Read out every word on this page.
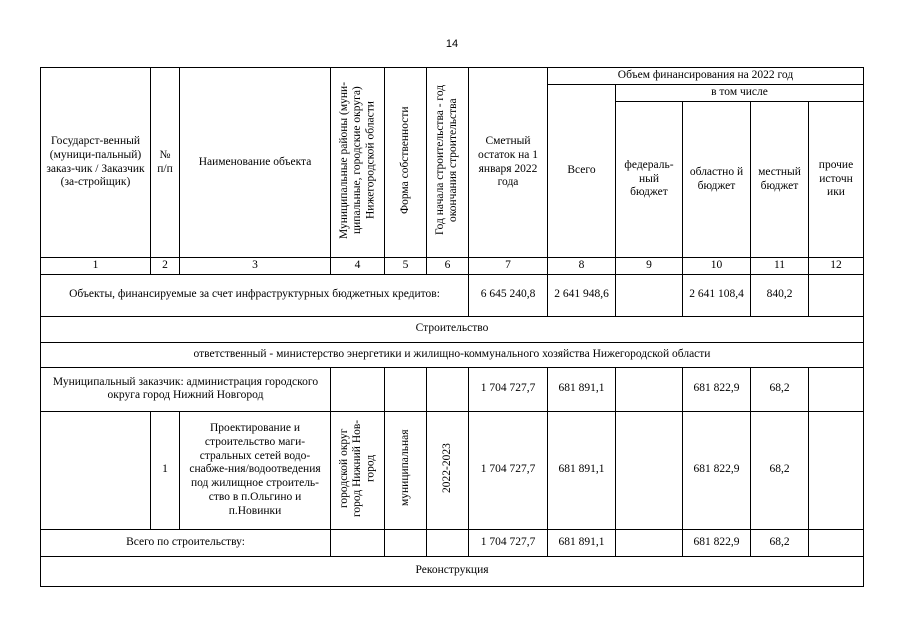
14
Государст-венный (муници-пальный) заказ-чик / Заказчик (за-стройщик)	№ п/п	Наименование объекта	Муниципальные районы (муни-ципальные, городские округа) Нижегородской области	Форма собственности	Год начала строительства - год окончания строительства	Сметный остаток на 1 января 2022 года	Объем финансирования на 2022 год				
							Всего	в том числе			
								федераль-ный бюджет	областно й бюджет	местный бюджет	прочие источн ики
1	2	3	4	5	6	7	8	9	10	11	12
Объекты, финансируемые за счет инфраструктурных бюджетных кредитов:						6 645 240,8	2 641 948,6		2 641 108,4	840,2	
Строительство											
ответственный - министерство энергетики и жилищно-коммунального хозяйства Нижегородской области											
Муниципальный заказчик: администрация городского округа город Нижний Новгород						1 704 727,7	681 891,1		681 822,9	68,2	
	1	Проектирование и строительство маги-стральных сетей водо-снабже-ния/водоотведения под жилищное строитель-ство в п.Ольгино и п.Новинки	городской округ город Нижний Нов-город	муниципальная	2022-2023	1 704 727,7	681 891,1		681 822,9	68,2	
Всего по строительству:						1 704 727,7	681 891,1		681 822,9	68,2	
Реконструкция											
